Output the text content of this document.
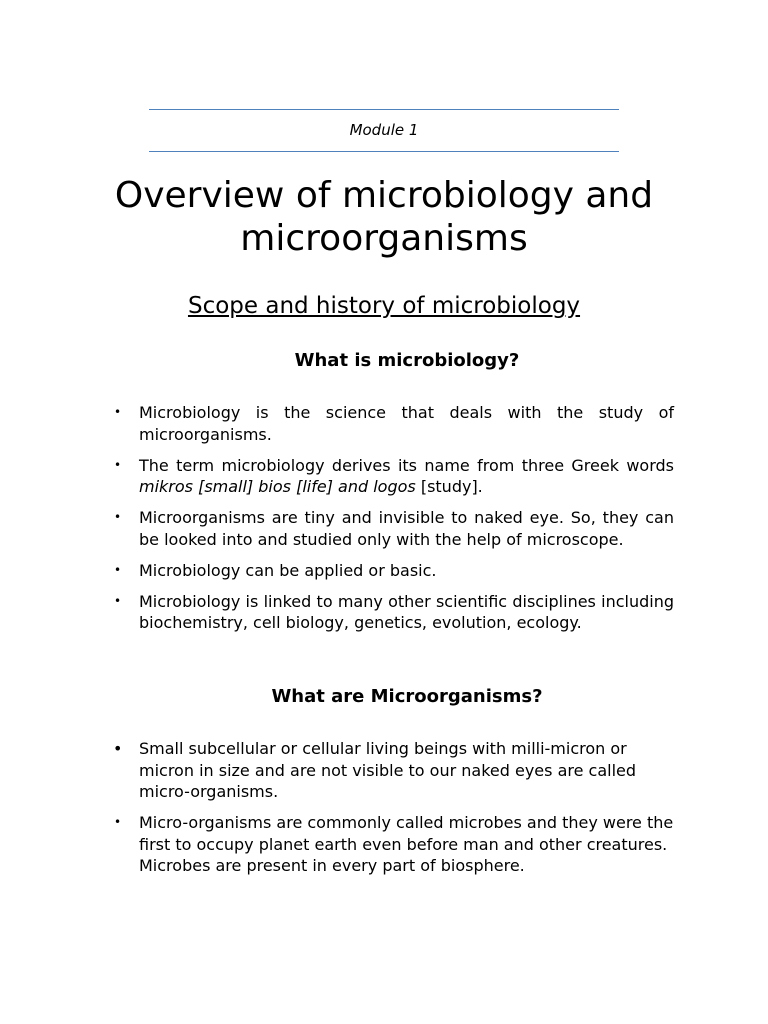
Module 1
Overview of microbiology and microorganisms
Scope and history of microbiology
What is microbiology?
• Microbiology is the science that deals with the study of microorganisms.
• The term microbiology derives its name from three Greek words mikros [small] bios [life] and logos [study].
• Microorganisms are tiny and invisible to naked eye. So, they can be looked into and studied only with the help of microscope.
• Microbiology can be applied or basic.
• Microbiology is linked to many other scientific disciplines including biochemistry, cell biology, genetics, evolution, ecology.
What are Microorganisms?
• Small subcellular or cellular living beings with milli-micron or micron in size and are not visible to our naked eyes are called micro-organisms.
• Micro-organisms are commonly called microbes and they were the first to occupy planet earth even before man and other creatures. Microbes are present in every part of biosphere.
